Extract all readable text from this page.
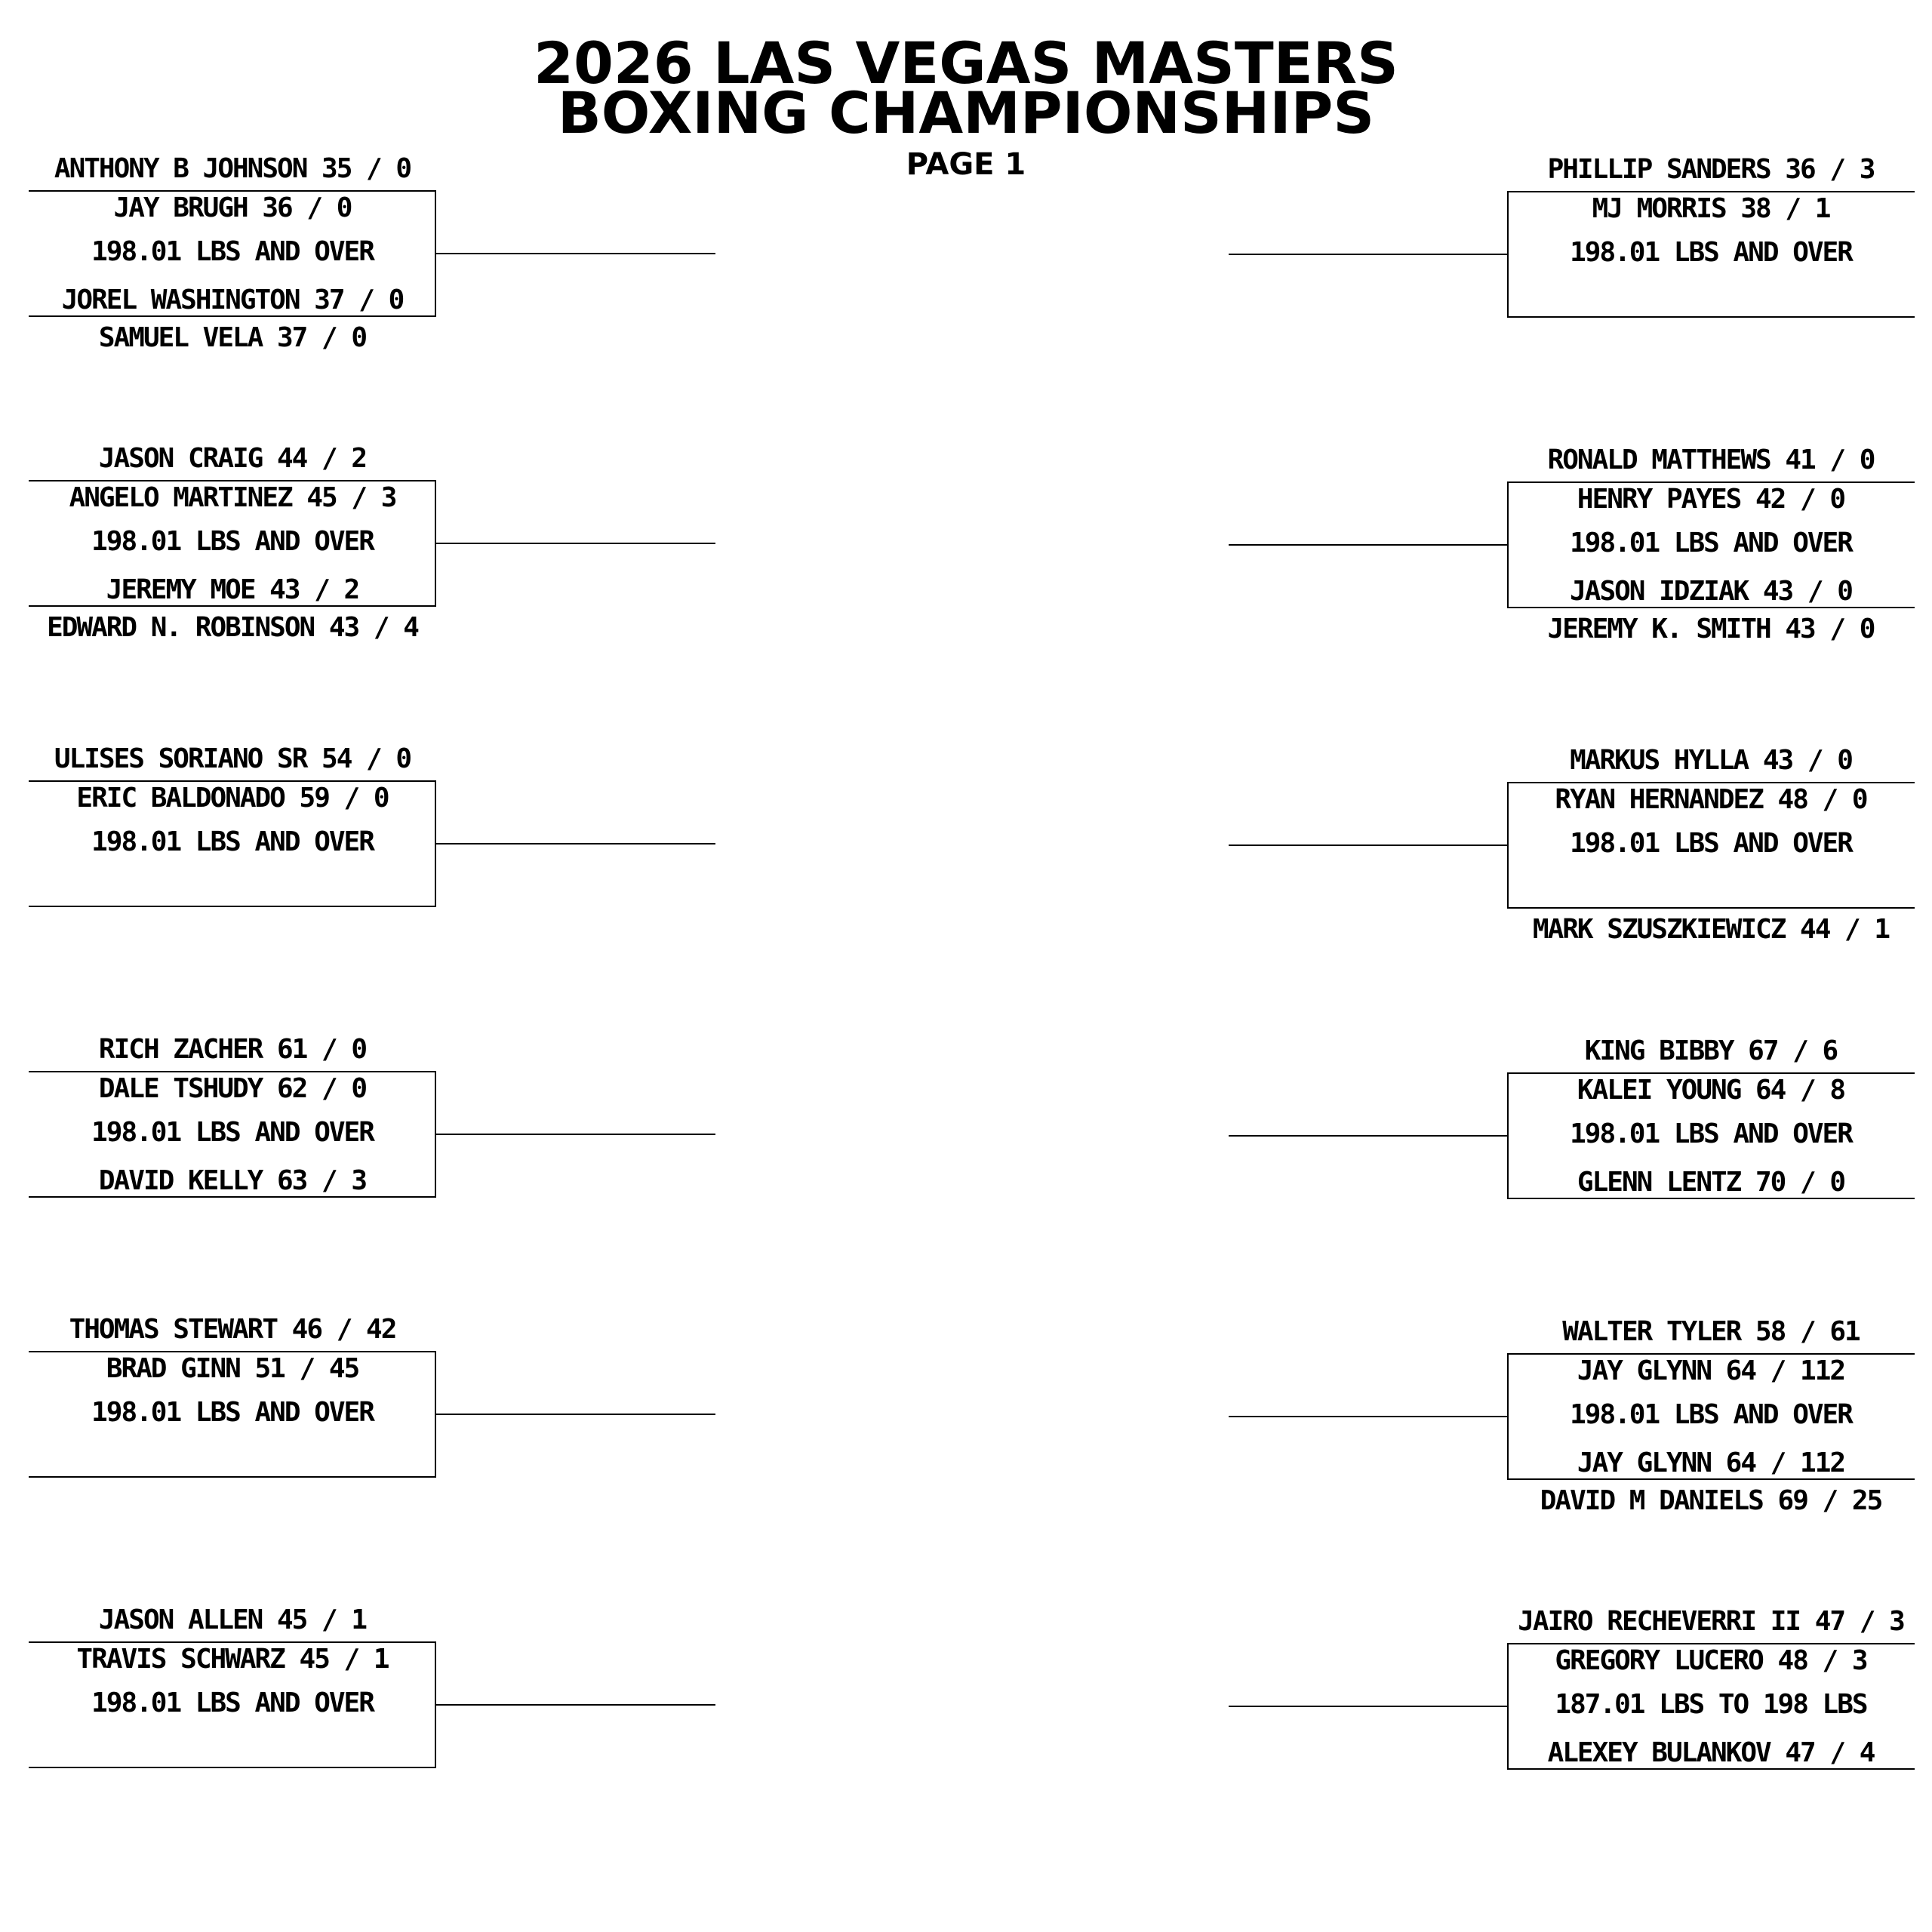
2026 LAS VEGAS MASTERS
BOXING CHAMPIONSHIPS
PAGE 1
ANTHONY B JOHNSON 35 / 0
JAY BRUGH 36 / 0
198.01 LBS AND OVER
JOREL WASHINGTON 37 / 0
SAMUEL VELA 37 / 0
JASON CRAIG 44 / 2
ANGELO MARTINEZ 45 / 3
198.01 LBS AND OVER
JEREMY MOE 43 / 2
EDWARD N. ROBINSON 43 / 4
ULISES SORIANO SR 54 / 0
ERIC BALDONADO 59 / 0
198.01 LBS AND OVER
RICH ZACHER 61 / 0
DALE TSHUDY 62 / 0
198.01 LBS AND OVER
DAVID KELLY 63 / 3
THOMAS STEWART 46 / 42
BRAD GINN 51 / 45
198.01 LBS AND OVER
JASON ALLEN 45 / 1
TRAVIS SCHWARZ 45 / 1
198.01 LBS AND OVER
PHILLIP SANDERS 36 / 3
MJ MORRIS 38 / 1
198.01 LBS AND OVER
RONALD MATTHEWS 41 / 0
HENRY PAYES 42 / 0
198.01 LBS AND OVER
JASON IDZIAK 43 / 0
JEREMY K. SMITH 43 / 0
MARKUS HYLLA 43 / 0
RYAN HERNANDEZ 48 / 0
198.01 LBS AND OVER
MARK SZUSZKIEWICZ 44 / 1
KING BIBBY 67 / 6
KALEI YOUNG 64 / 8
198.01 LBS AND OVER
GLENN LENTZ 70 / 0
WALTER TYLER 58 / 61
JAY GLYNN 64 / 112
198.01 LBS AND OVER
JAY GLYNN 64 / 112
DAVID M DANIELS 69 / 25
JAIRO RECHEVERRI II 47 / 3
GREGORY LUCERO 48 / 3
187.01 LBS TO 198 LBS
ALEXEY BULANKOV 47 / 4
